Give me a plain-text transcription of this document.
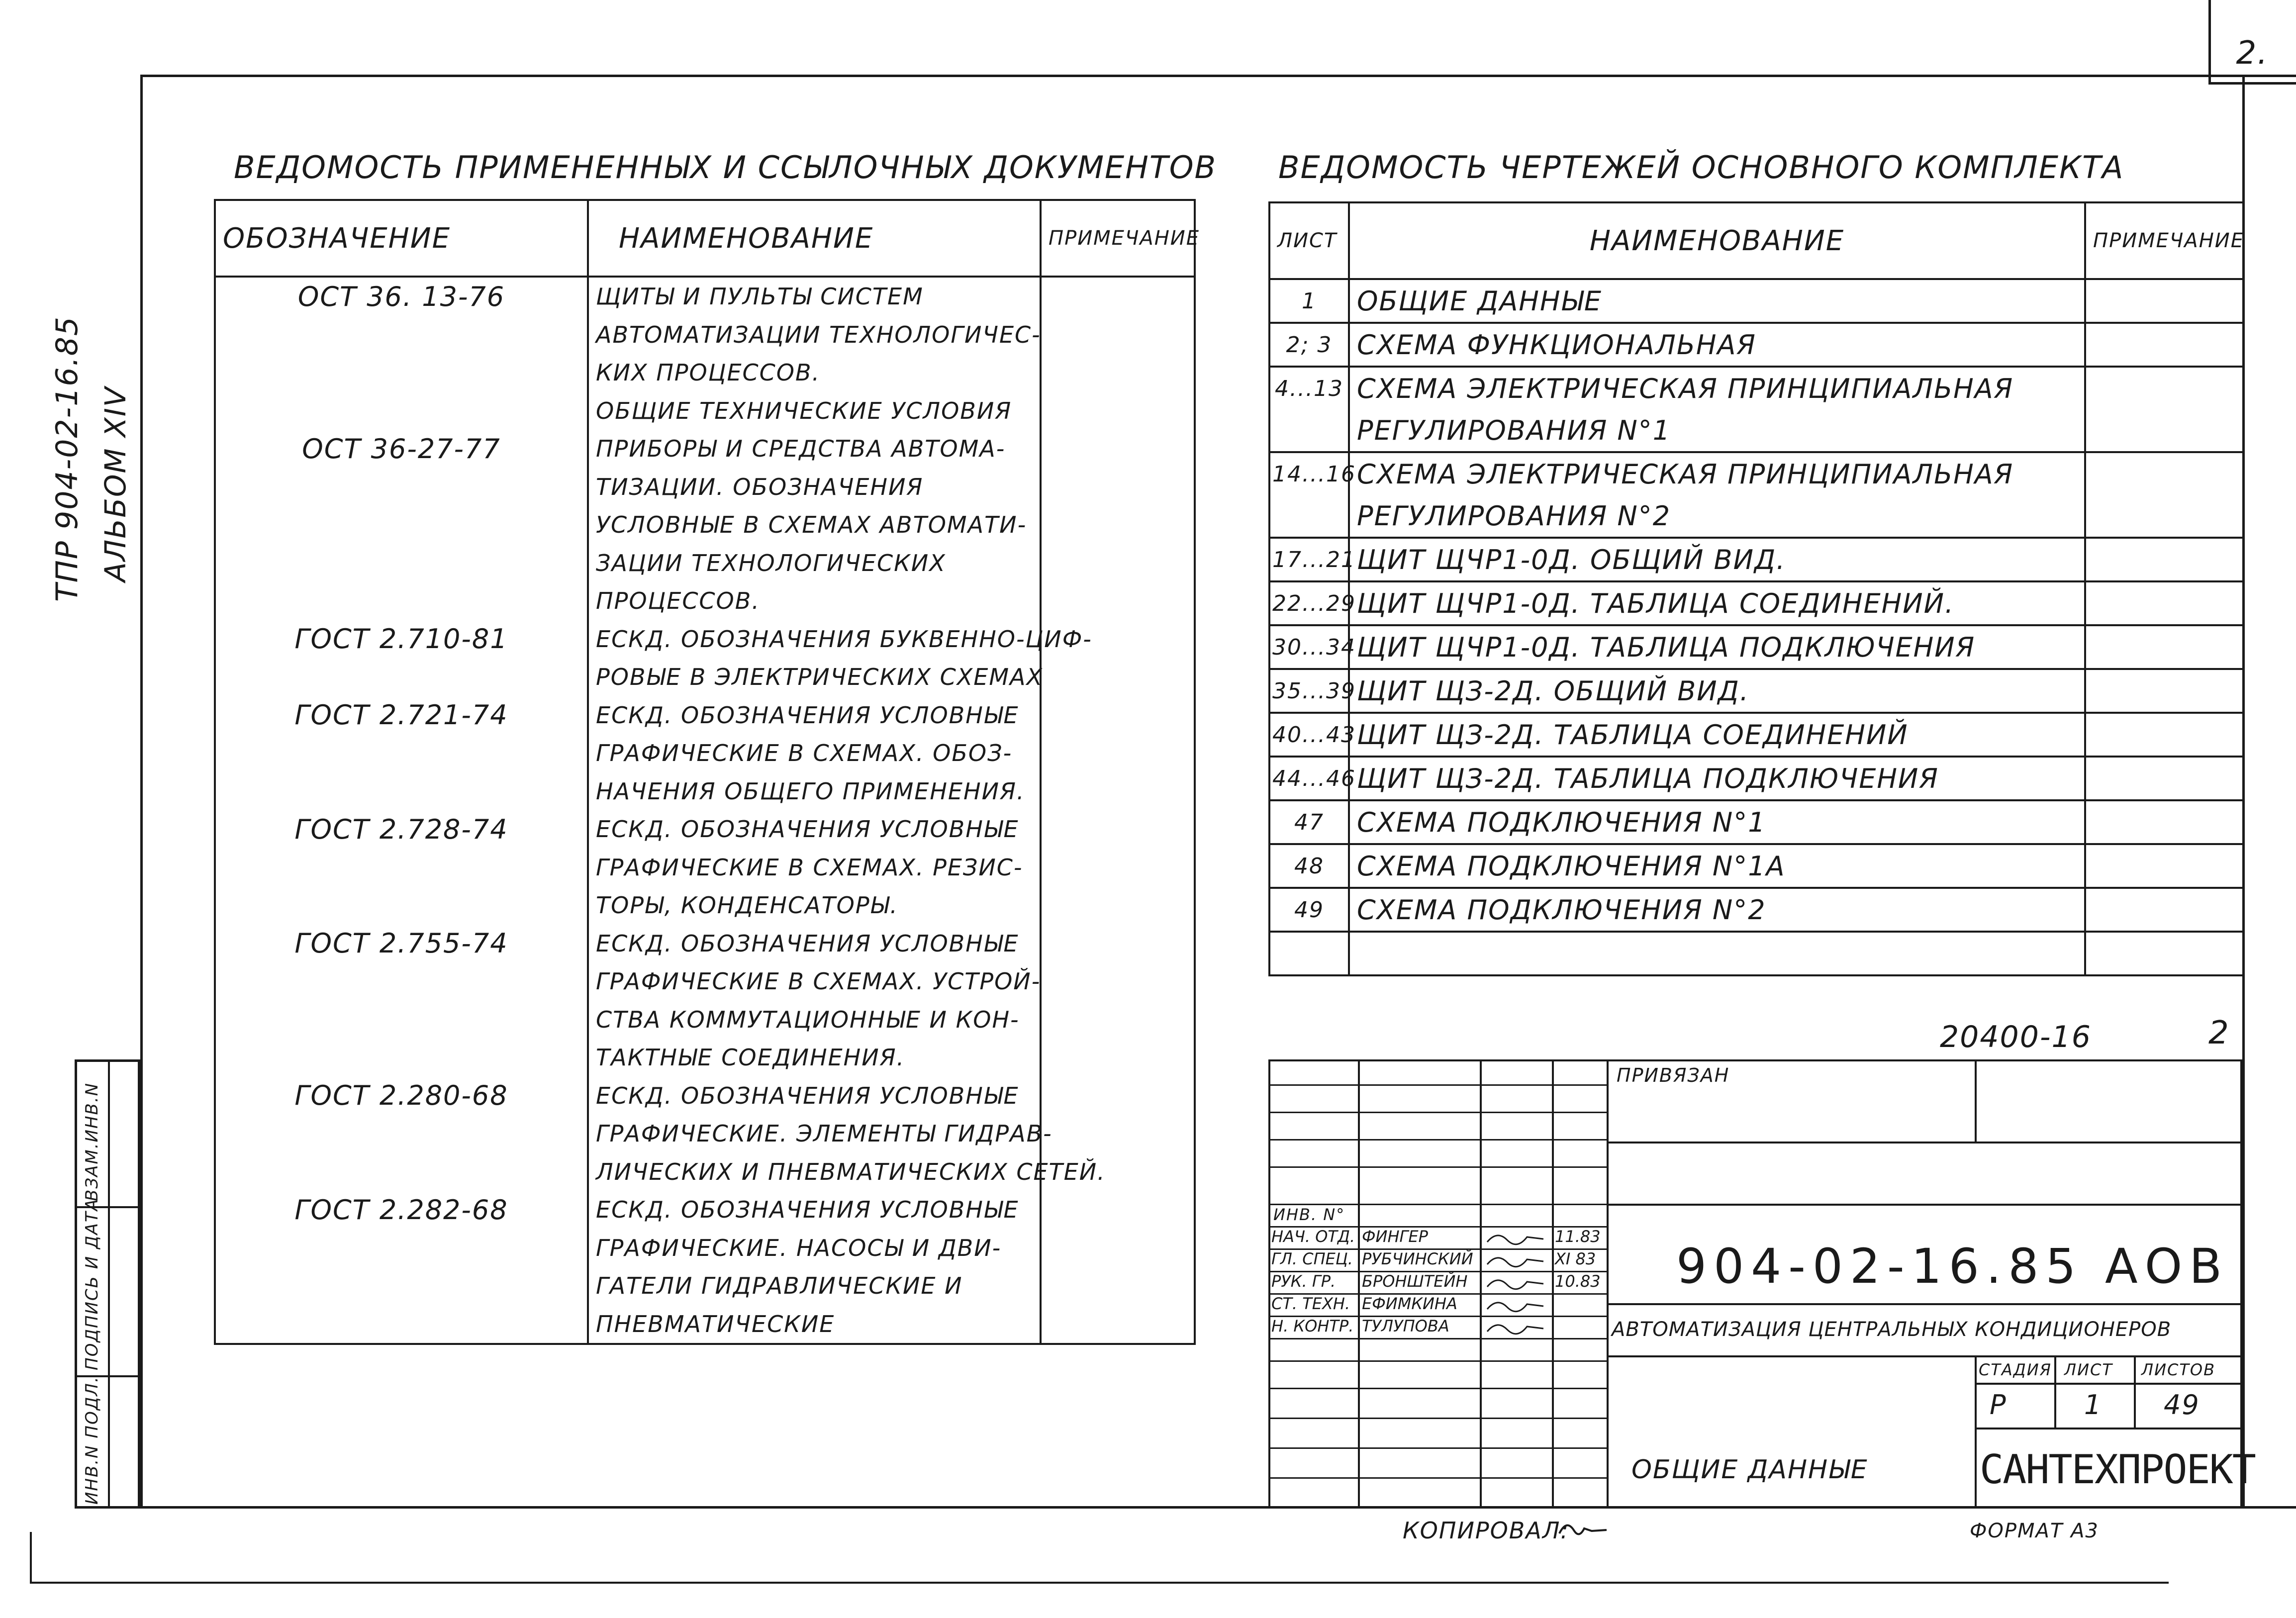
2.
ТПР 904-02-16.85 АЛЬБОМ XIV
ИНВ.N ПОДЛ.
ПОДПИСЬ И ДАТА
ВЗАМ.ИНВ.N
ВЕДОМОСТЬ ПРИМЕНЕННЫХ И ССЫЛОЧНЫХ ДОКУМЕНТОВ
ОБОЗНАЧЕНИЕ	НАИМЕНОВАНИЕ	ПРИМЕЧАНИЕ
ОСТ 36. 13-76	ЩИТЫ И ПУЛЬТЫ СИСТЕМ	
	АВТОМАТИЗАЦИИ ТЕХНОЛОГИЧЕС-	
	КИХ ПРОЦЕССОВ.	
	ОБЩИЕ ТЕХНИЧЕСКИЕ УСЛОВИЯ	
ОСТ 36-27-77	ПРИБОРЫ И СРЕДСТВА АВТОМА-	
	ТИЗАЦИИ. ОБОЗНАЧЕНИЯ	
	УСЛОВНЫЕ В СХЕМАХ АВТОМАТИ-	
	ЗАЦИИ ТЕХНОЛОГИЧЕСКИХ	
	ПРОЦЕССОВ.	
ГОСТ 2.710-81	ЕСКД. ОБОЗНАЧЕНИЯ БУКВЕННО-ЦИФ-	
	РОВЫЕ В ЭЛЕКТРИЧЕСКИХ СХЕМАХ	
ГОСТ 2.721-74	ЕСКД. ОБОЗНАЧЕНИЯ УСЛОВНЫЕ	
	ГРАФИЧЕСКИЕ В СХЕМАХ. ОБОЗ-	
	НАЧЕНИЯ ОБЩЕГО ПРИМЕНЕНИЯ.	
ГОСТ 2.728-74	ЕСКД. ОБОЗНАЧЕНИЯ УСЛОВНЫЕ	
	ГРАФИЧЕСКИЕ В СХЕМАХ. РЕЗИС-	
	ТОРЫ, КОНДЕНСАТОРЫ.	
ГОСТ 2.755-74	ЕСКД. ОБОЗНАЧЕНИЯ УСЛОВНЫЕ	
	ГРАФИЧЕСКИЕ В СХЕМАХ. УСТРОЙ-	
	СТВА КОММУТАЦИОННЫЕ И КОН-	
	ТАКТНЫЕ СОЕДИНЕНИЯ.	
ГОСТ 2.280-68	ЕСКД. ОБОЗНАЧЕНИЯ УСЛОВНЫЕ	
	ГРАФИЧЕСКИЕ. ЭЛЕМЕНТЫ ГИДРАВ-	
	ЛИЧЕСКИХ И ПНЕВМАТИЧЕСКИХ СЕТЕЙ.	
ГОСТ 2.282-68	ЕСКД. ОБОЗНАЧЕНИЯ УСЛОВНЫЕ	
	ГРАФИЧЕСКИЕ. НАСОСЫ И ДВИ-	
	ГАТЕЛИ ГИДРАВЛИЧЕСКИЕ И	
	ПНЕВМАТИЧЕСКИЕ	
ВЕДОМОСТЬ ЧЕРТЕЖЕЙ ОСНОВНОГО КОМПЛЕКТА
ЛИСТ	НАИМЕНОВАНИЕ	ПРИМЕЧАНИЕ
1	ОБЩИЕ ДАННЫЕ	
2; 3	СХЕМА ФУНКЦИОНАЛЬНАЯ	
4...13	СХЕМА ЭЛЕКТРИЧЕСКАЯ ПРИНЦИПИАЛЬНАЯ	
	РЕГУЛИРОВАНИЯ N°1	
14...16	СХЕМА ЭЛЕКТРИЧЕСКАЯ ПРИНЦИПИАЛЬНАЯ	
	РЕГУЛИРОВАНИЯ N°2	
17...21	ЩИТ ЩЧР1-0Д. ОБЩИЙ ВИД.	
22...29	ЩИТ ЩЧР1-0Д. ТАБЛИЦА СОЕДИНЕНИЙ.	
30...34	ЩИТ ЩЧР1-0Д. ТАБЛИЦА ПОДКЛЮЧЕНИЯ	
35...39	ЩИТ ЩЗ-2Д. ОБЩИЙ ВИД.	
40...43	ЩИТ ЩЗ-2Д. ТАБЛИЦА СОЕДИНЕНИЙ	
44...46	ЩИТ ЩЗ-2Д. ТАБЛИЦА ПОДКЛЮЧЕНИЯ	
47	СХЕМА ПОДКЛЮЧЕНИЯ N°1	
48	СХЕМА ПОДКЛЮЧЕНИЯ N°1А	
49	СХЕМА ПОДКЛЮЧЕНИЯ N°2	

20400-16	2
ПРИВЯЗАН
ИНВ. N°
НАЧ. ОТД. ФИНГЕР	11.83
ГЛ. СПЕЦ. РУБЧИНСКИЙ	XI 83
РУК. ГР. БРОНШТЕЙН	10.83
СТ. ТЕХН. ЕФИМКИНА
Н. КОНТР. ТУЛУПОВА
904-02-16.85 АОВ
АВТОМАТИЗАЦИЯ ЦЕНТРАЛЬНЫХ КОНДИЦИОНЕРОВ
СТАДИЯ ЛИСТ ЛИСТОВ
Р	1 49
ОБЩИЕ ДАННЫЕ	САНТЕХПРОЕКТ
КОПИРОВАЛ:	ФОРМАТ А3
